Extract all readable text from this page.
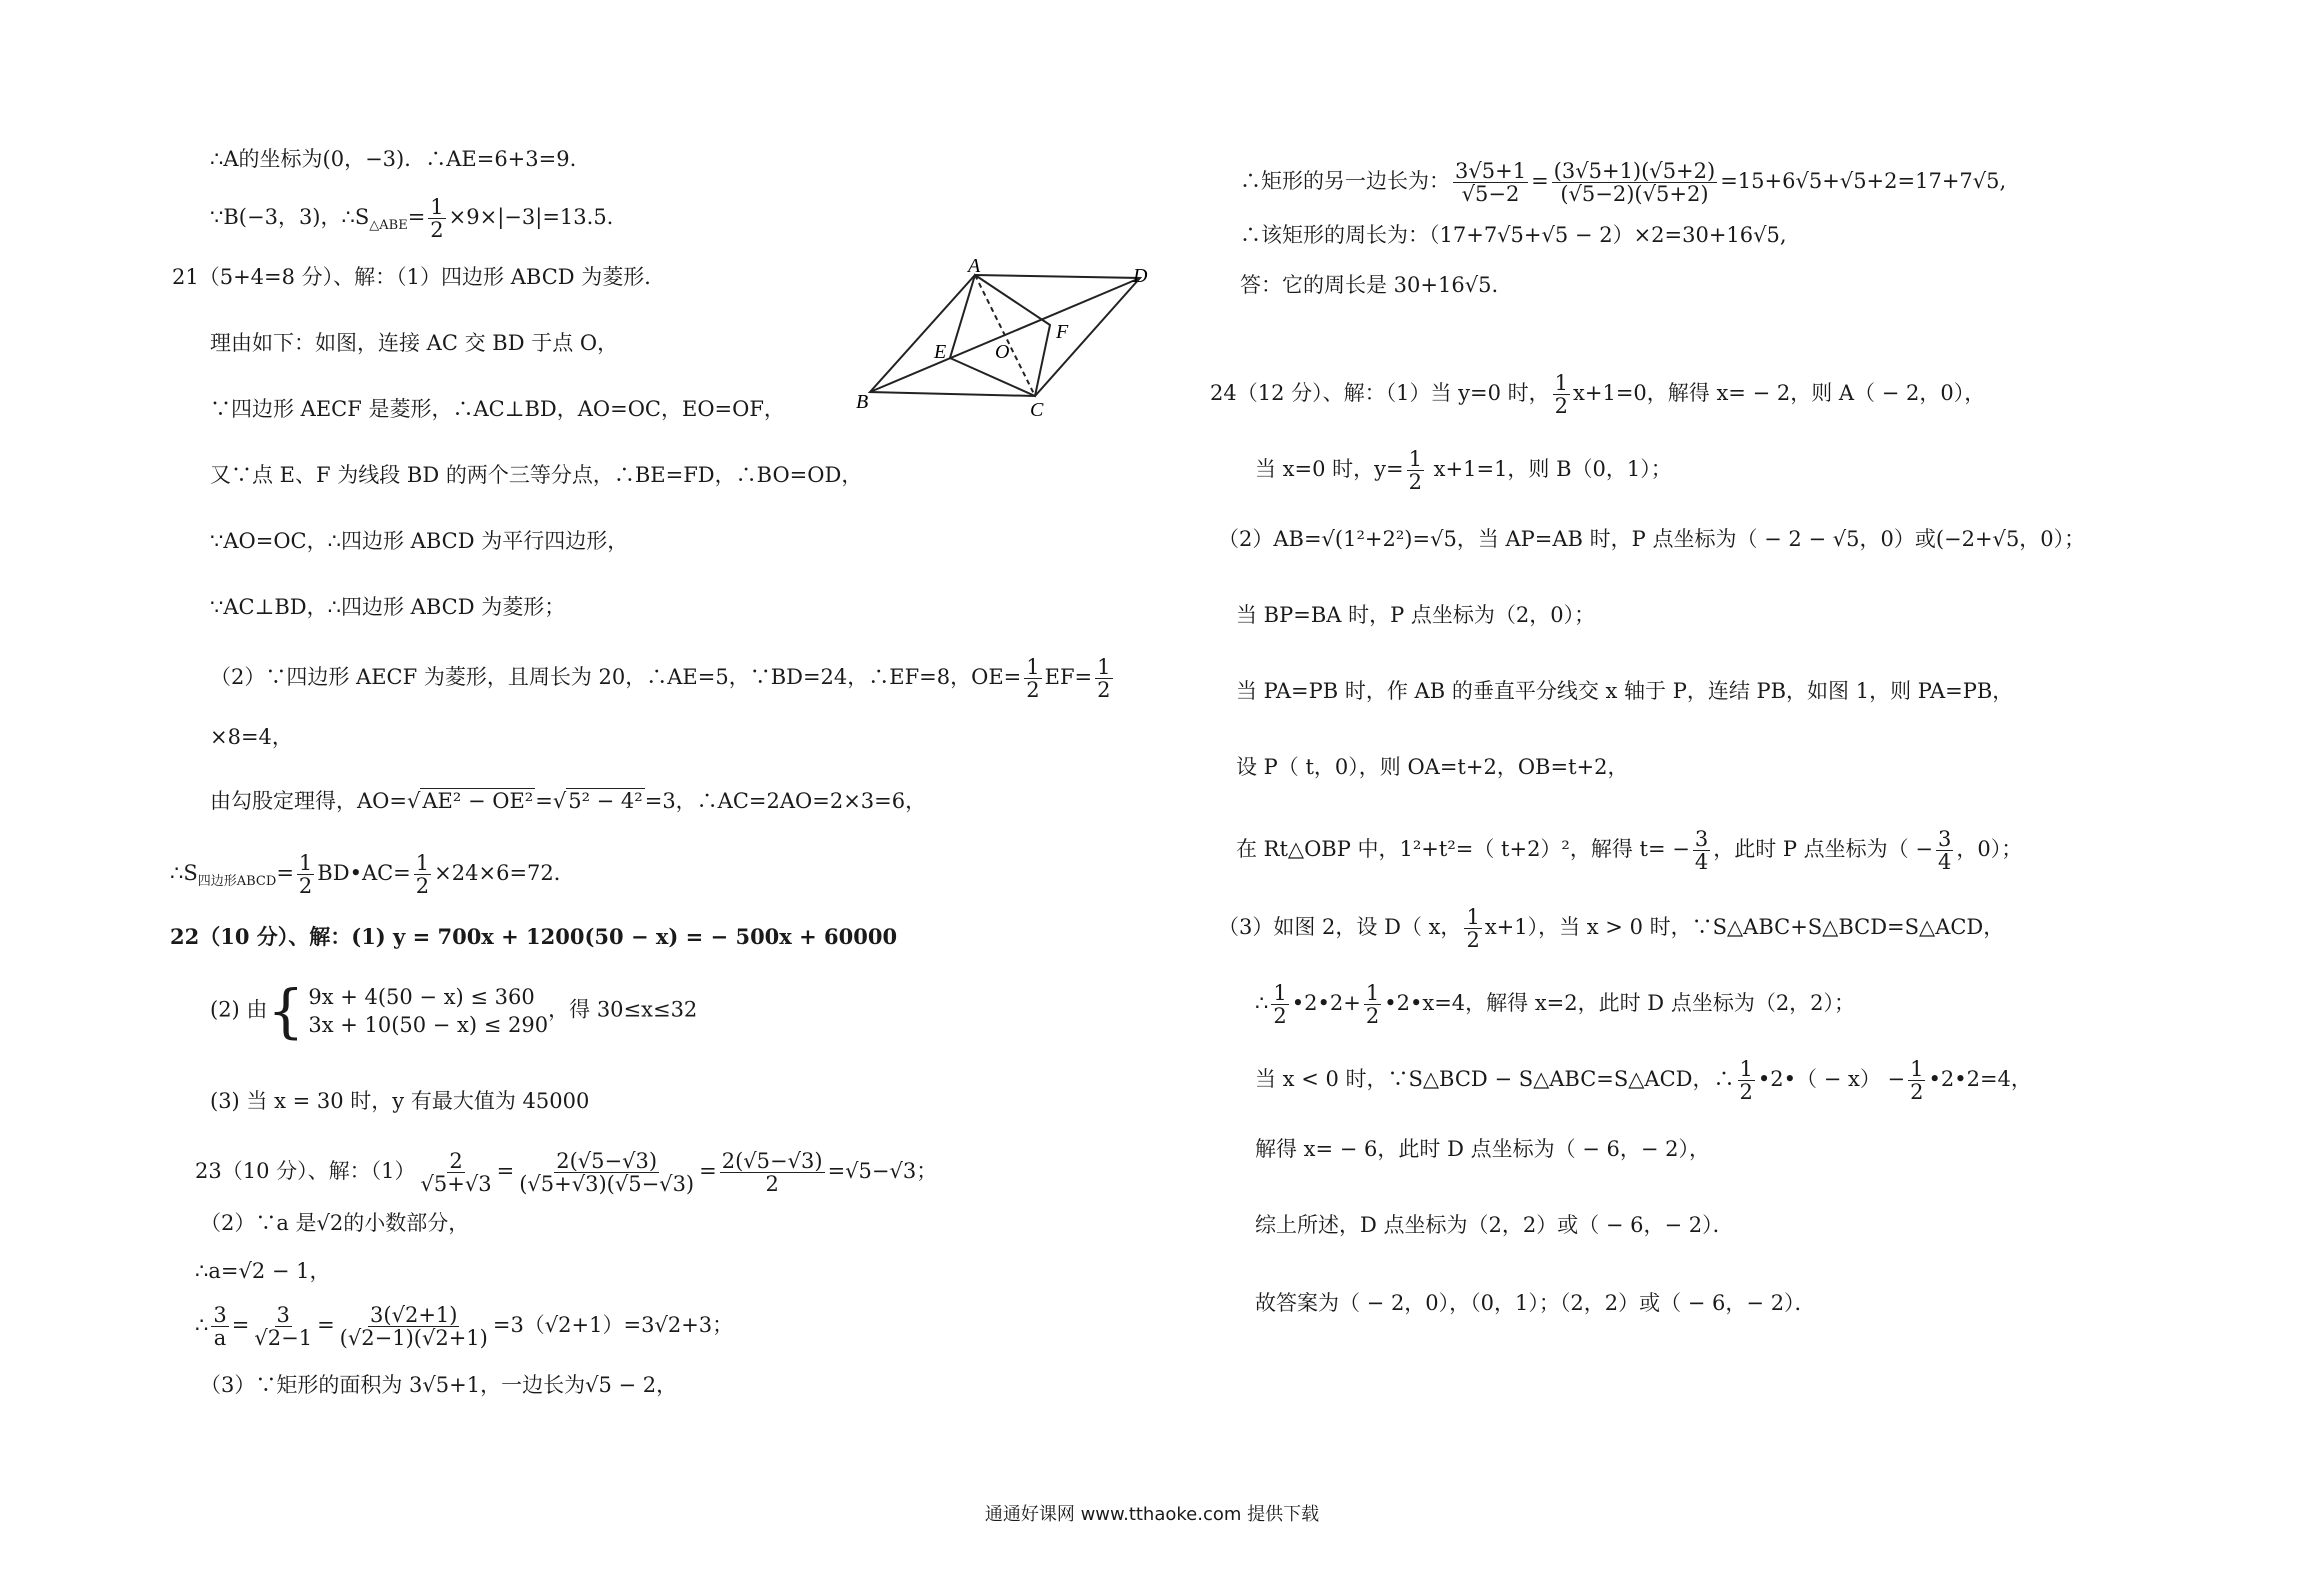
∴A的坐标为(0，−3)．∴AE=6+3=9.
∵B(−3，3)，$\therefore S_{\triangle ABE}= \frac{1}{2} \times 9\times|-3|=13.5$.
21（5+4=8 分）、解：（1）四边形 ABCD 为菱形．
理由如下：如图，连接 AC 交 BD 于点 O，
∵四边形 AECF 是菱形，∴AC⊥BD，AO=OC，EO=OF，
又∵点 E、F 为线段 BD 的两个三等分点，∴BE=FD，∴BO=OD，
∵AO=OC，∴四边形 ABCD 为平行四边形，
∵AC⊥BD，∴四边形 ABCD 为菱形；
（2）∵四边形 AECF 为菱形，且周长为 20，∴AE=5，∵BD=24，∴EF=8，$OE= \frac{1}{2} EF= \frac{1}{2}$
×8=4，
由勾股定理得，AO=√AE² − OE²=√5² − 4²=3，∴AC=2AO=2×3=6，
$\therefore S_{四边形ABCD}= \frac{1}{2}$ BD•AC= $\frac{1}{2} \times 24\times 6=72$．
22（10 分）、解：(1) y = 700x + 1200(50 − x) = − 500x + 60000
(2) 由{ 9x + 4(50 − x) ≤ 360
3x + 10(50 − x) ≤ 290
，得 30≤x≤32
(3) 当 x = 30 时，y 有最大值为 45000
23（10 分）、解：$(1) \frac{2}{√5+√3} = \frac{2(√5-√3)}{(√5+√3)(√5-√3)} = \frac{2(√5-√3)}{2} =√5-√3$；
（2）∵a 是√2的小数部分，
∴a=√2 − 1，
∴ $\frac{3}{a} = \frac{3}{√2-1} = \frac{3(√2+1)}{(√2-1)(√2+1)} =3(√2+1)=3√2+3$；
（3）∵矩形的面积为 3√5+1，一边长为√5 − 2，
A	D
B	C
E
F
O
∴矩形的另一边长为： $\frac{3√5+1}{√5-2} = \frac{(3√5+1)(√5+2)}{(√5-2)(√5+2)} =15+6√5+√5+2=17+7√5$,
∴该矩形的周长为：（17+7√5+√5 − 2）×2=30+16√5,
答：它的周长是 30+16√5.
24（12 分）、解：（1）当 y=0 时， $\frac{1}{2} x+1=0$，解得 x= − 2，则 A（ − 2，0），
当 x=0 时，$y= \frac{1}{2} x+1=1$，则 B（0，1）；
（2）AB=√(1²+2²)=√5，当 AP=AB 时，P 点坐标为（ − 2 − √5，0）或(−2+√5，0）；
当 BP=BA 时，P 点坐标为（2，0）；
当 PA=PB 时，作 AB 的垂直平分线交 x 轴于 P，连结 PB，如图 1，则 PA=PB，
设 P（ t，0），则 OA=t+2，OB=t+2，
在 Rt△OBP 中，1²+t²=（ t+2）²，解得 $t= - \frac{3}{4}$ ，此时 P 点坐标为（ − $\frac{3}{4}$ ，0）；
（3）如图 2，设 D（ x， $\frac{1}{2} x+1$），当 x > 0 时，∵S△ABC+S△BCD=S△ACD，
∴ $\frac{1}{2}$ •2•2+ $\frac{1}{2}$ •2•x=4，解得 x=2，此时 D 点坐标为（2，2）；
当 x < 0 时，∵S△BCD − S△ABC=S△ACD，∴ $\frac{1}{2}$ •2•（ − $x) - \frac{1}{2}$ •2•2=4，
解得 x= − 6，此时 D 点坐标为（ − 6，− 2），
综上所述，D 点坐标为（2，2）或（ − 6，− 2）．
故答案为（ − 2，0），（0，1）；（2，2）或（ − 6，− 2）．
通通好课网 www.tthaoke.com 提供下载
